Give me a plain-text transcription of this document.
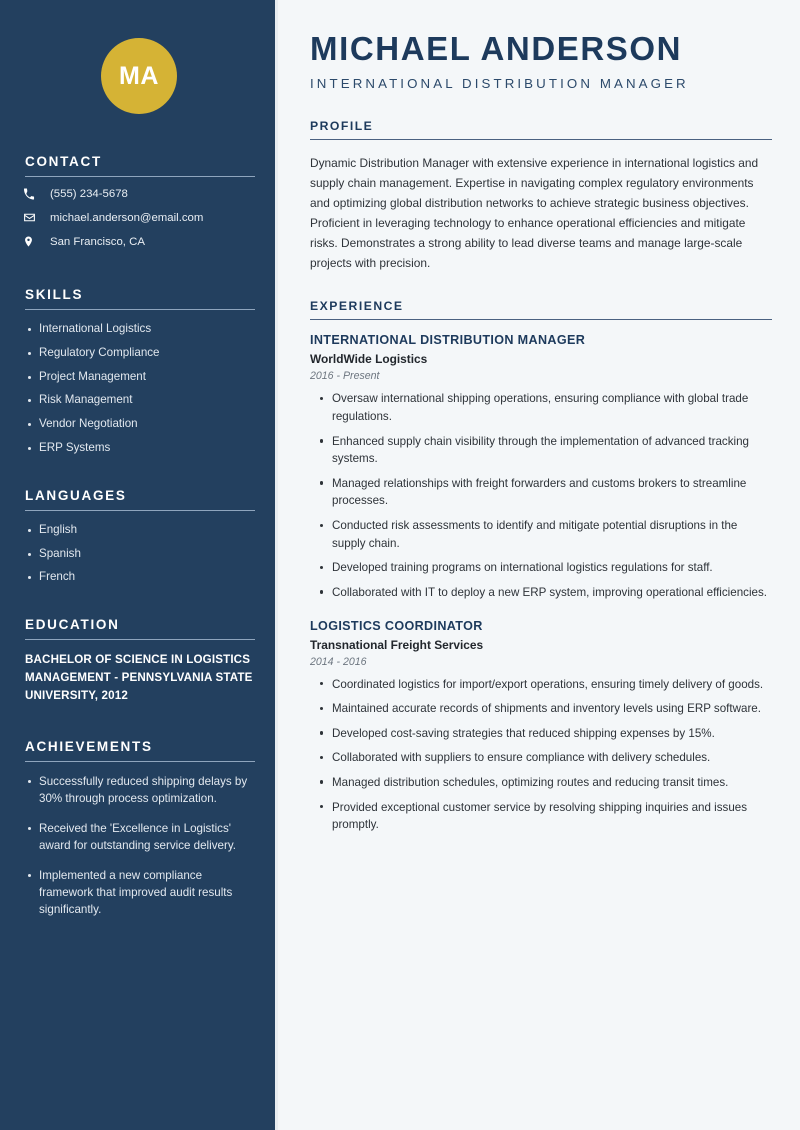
MA
CONTACT
(555) 234-5678
michael.anderson@email.com
San Francisco, CA
SKILLS
International Logistics
Regulatory Compliance
Project Management
Risk Management
Vendor Negotiation
ERP Systems
LANGUAGES
English
Spanish
French
EDUCATION

BACHELOR OF SCIENCE IN LOGISTICS MANAGEMENT - PENNSYLVANIA STATE UNIVERSITY, 2012

ACHIEVEMENTS
Successfully reduced shipping delays by 30% through process optimization.
Received the 'Excellence in Logistics' award for outstanding service delivery.
Implemented a new compliance framework that improved audit results significantly.
MICHAEL ANDERSON
INTERNATIONAL DISTRIBUTION MANAGER
PROFILE

Dynamic Distribution Manager with extensive experience in international logistics and supply chain management. Expertise in navigating complex regulatory environments and optimizing global distribution networks to achieve strategic business objectives. Proficient in leveraging technology to enhance operational efficiencies and mitigate risks. Demonstrates a strong ability to lead diverse teams and manage large-scale projects with precision.

EXPERIENCE
INTERNATIONAL DISTRIBUTION MANAGER
WorldWide Logistics
2016 - Present
Oversaw international shipping operations, ensuring compliance with global trade regulations.
Enhanced supply chain visibility through the implementation of advanced tracking systems.
Managed relationships with freight forwarders and customs brokers to streamline processes.
Conducted risk assessments to identify and mitigate potential disruptions in the supply chain.
Developed training programs on international logistics regulations for staff.
Collaborated with IT to deploy a new ERP system, improving operational efficiencies.
LOGISTICS COORDINATOR
Transnational Freight Services
2014 - 2016
Coordinated logistics for import/export operations, ensuring timely delivery of goods.
Maintained accurate records of shipments and inventory levels using ERP software.
Developed cost-saving strategies that reduced shipping expenses by 15%.
Collaborated with suppliers to ensure compliance with delivery schedules.
Managed distribution schedules, optimizing routes and reducing transit times.
Provided exceptional customer service by resolving shipping inquiries and issues promptly.
